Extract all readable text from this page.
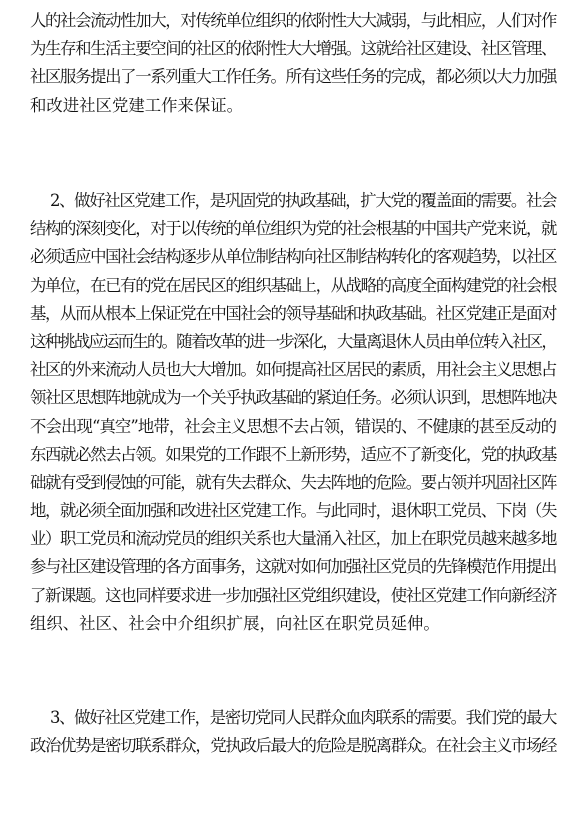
人的社会流动性加大，对传统单位组织的依附性大大减弱，与此相应，人们对作
为生存和生活主要空间的社区的依附性大大增强。这就给社区建设、社区管理、
社区服务提出了一系列重大工作任务。所有这些任务的完成，都必须以大力加强
和改进社区党建工作来保证。
2、做好社区党建工作，是巩固党的执政基础，扩大党的覆盖面的需要。社会
结构的深刻变化，对于以传统的单位组织为党的社会根基的中国共产党来说，就
必须适应中国社会结构逐步从单位制结构向社区制结构转化的客观趋势，以社区
为单位，在已有的党在居民区的组织基础上，从战略的高度全面构建党的社会根
基，从而从根本上保证党在中国社会的领导基础和执政基础。社区党建正是面对
这种挑战应运而生的。随着改革的进一步深化，大量离退休人员由单位转入社区，
社区的外来流动人员也大大增加。如何提高社区居民的素质，用社会主义思想占
领社区思想阵地就成为一个关乎执政基础的紧迫任务。必须认识到，思想阵地决
不会出现“真空”地带，社会主义思想不去占领，错误的、不健康的甚至反动的
东西就必然去占领。如果党的工作跟不上新形势，适应不了新变化，党的执政基
础就有受到侵蚀的可能，就有失去群众、失去阵地的危险。要占领并巩固社区阵
地，就必须全面加强和改进社区党建工作。与此同时，退休职工党员、下岗（失
业）职工党员和流动党员的组织关系也大量涌入社区，加上在职党员越来越多地
参与社区建设管理的各方面事务，这就对如何加强社区党员的先锋模范作用提出
了新课题。这也同样要求进一步加强社区党组织建设，使社区党建工作向新经济
组织、社区、社会中介组织扩展，向社区在职党员延伸。
3、做好社区党建工作，是密切党同人民群众血肉联系的需要。我们党的最大
政治优势是密切联系群众，党执政后最大的危险是脱离群众。在社会主义市场经
